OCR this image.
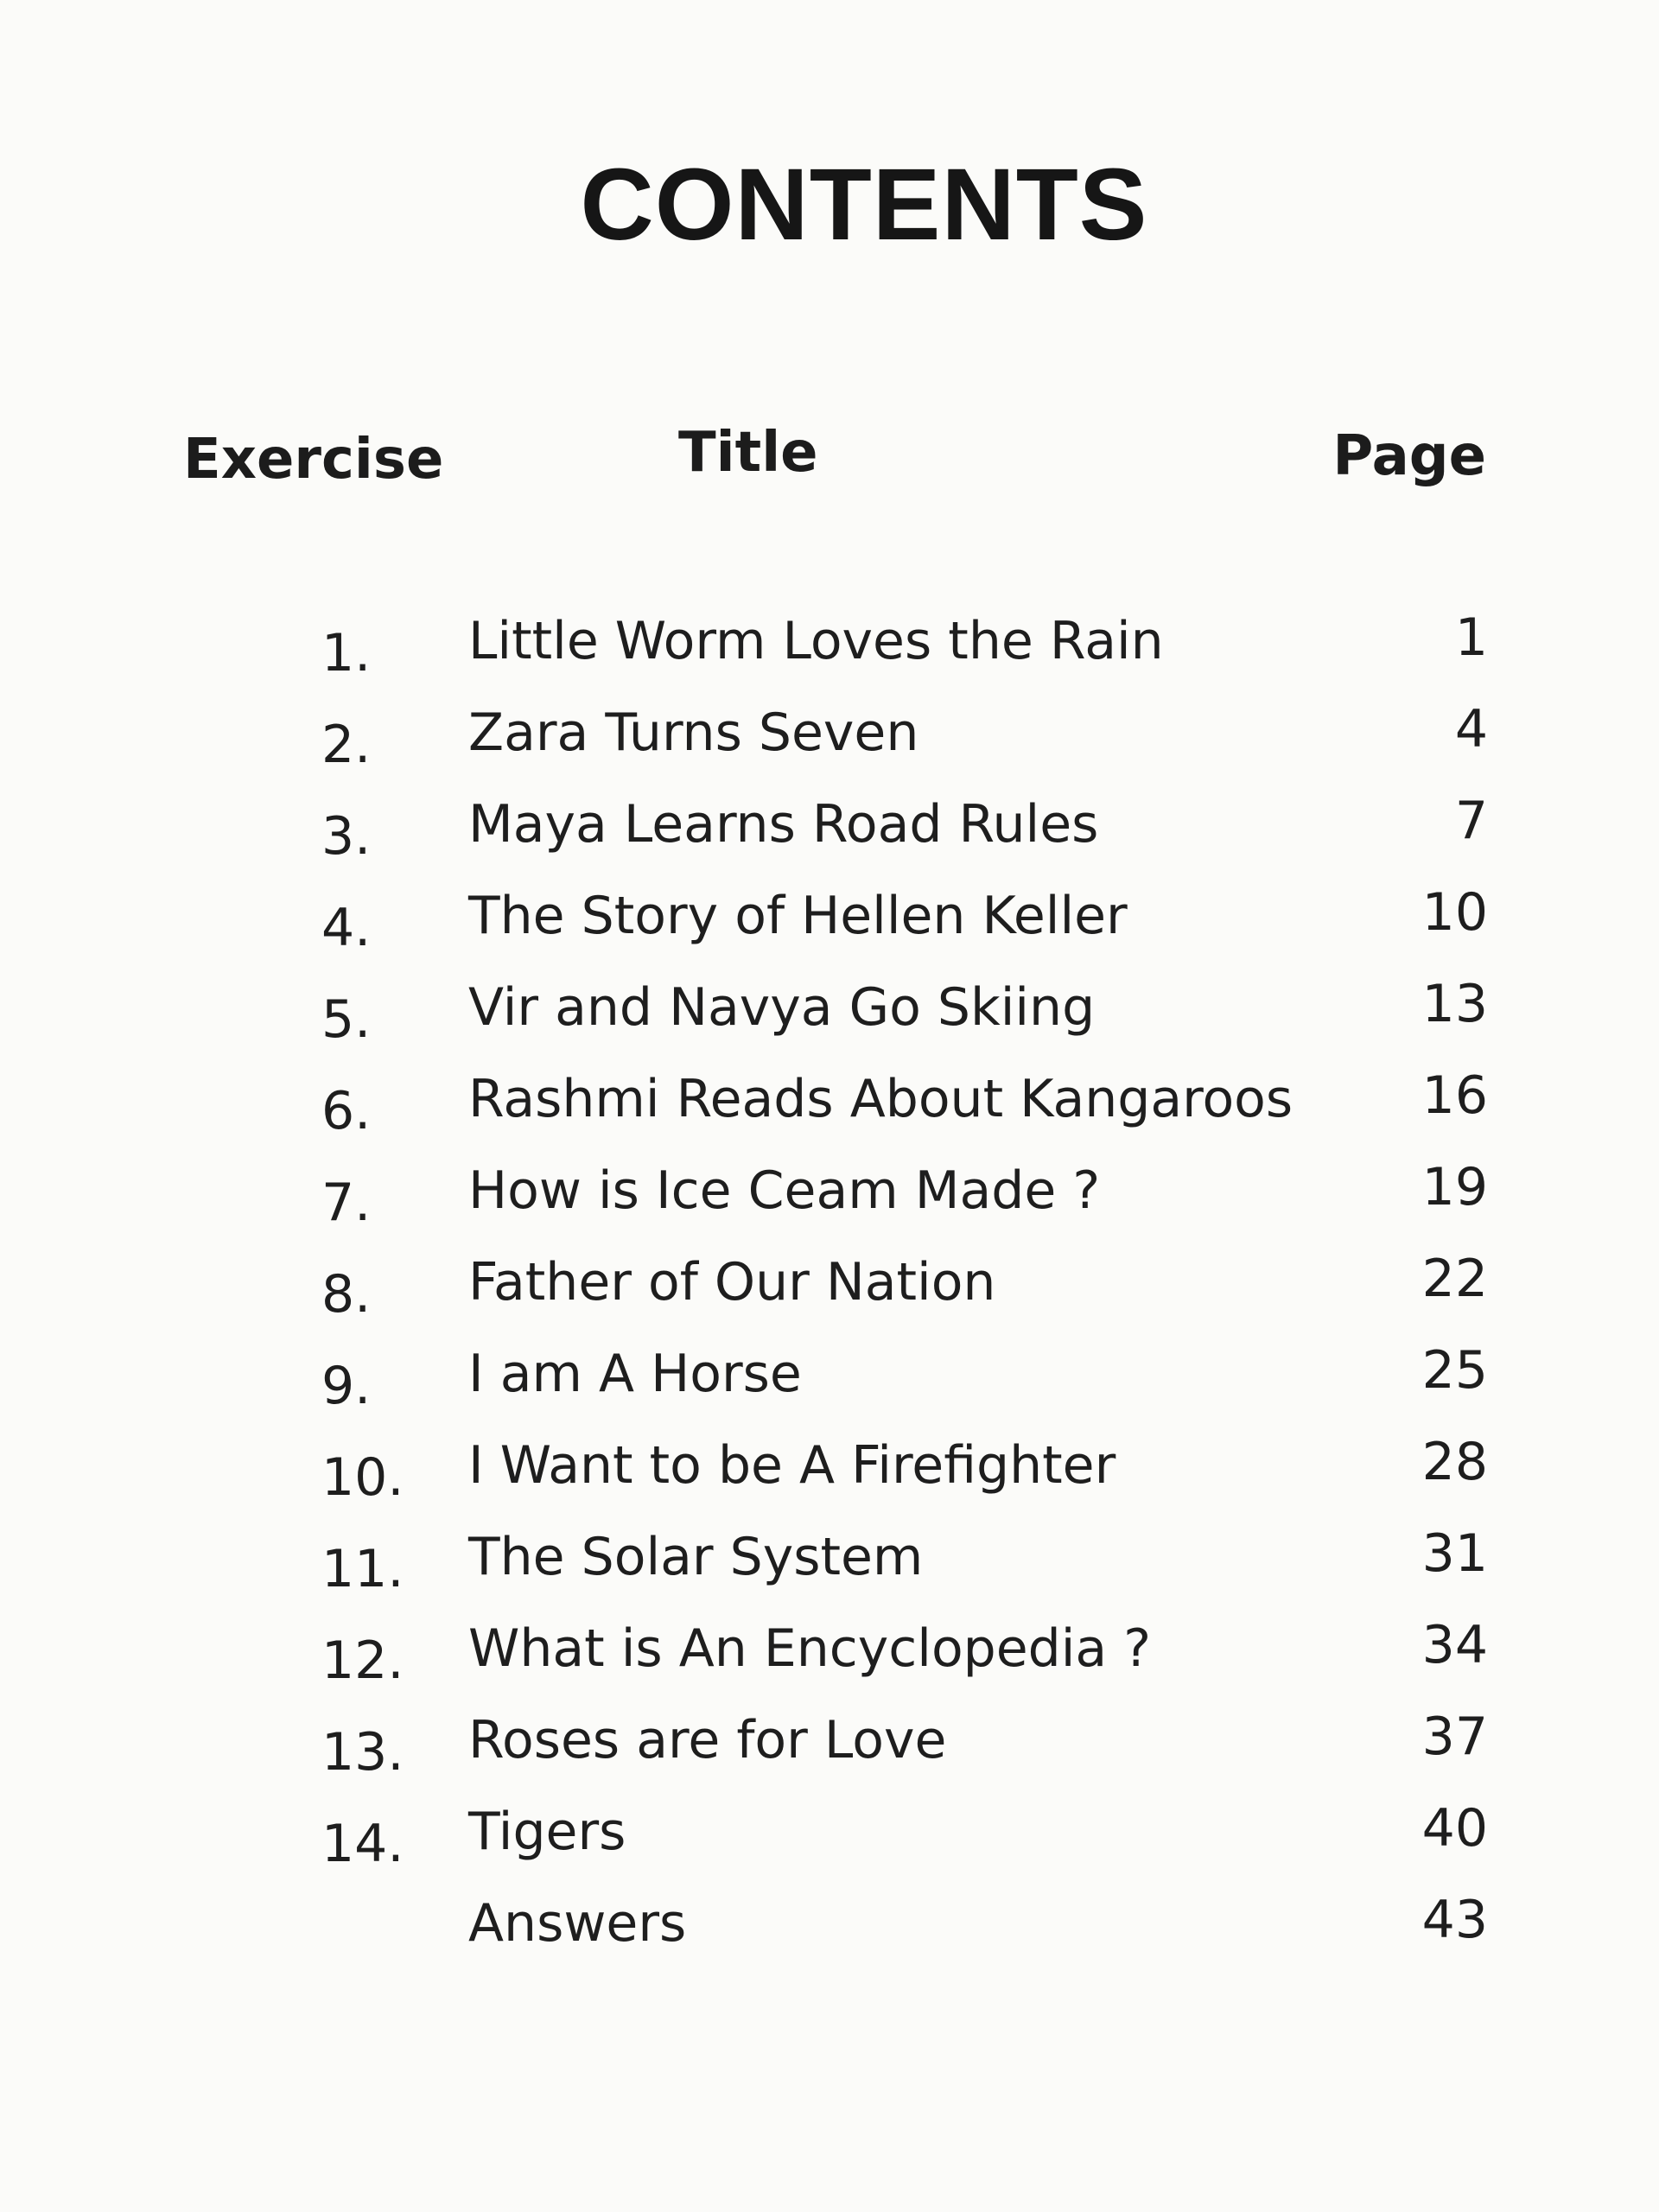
CONTENTS
Exercise	Title	Page
1. Little Worm Loves the Rain	1
2. Zara Turns Seven	4
3. Maya Learns Road Rules	7
4. The Story of Hellen Keller	10
5. Vir and Navya Go Skiing	13
6. Rashmi Reads About Kangaroos 16
7. How is Ice Ceam Made ?	19
8. Father of Our Nation	22
9. I am A Horse	25
10. I Want to be A Firefighter	28
11. The Solar System	31
12. What is An Encyclopedia ?	34
13. Roses are for Love	37
14. Tigers	40
Answers	43
